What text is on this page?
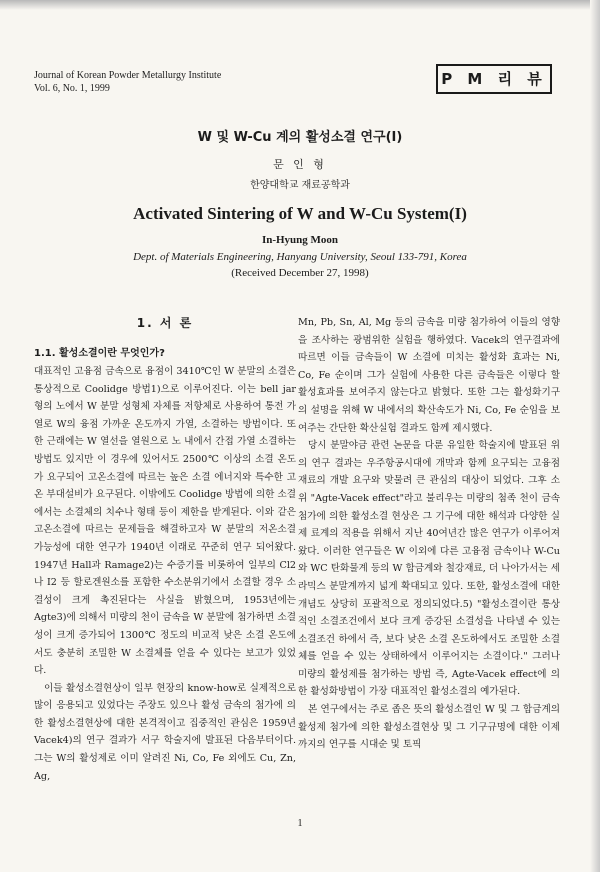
Journal of Korean Powder Metallurgy Institute
Vol. 6, No. 1, 1999
P M 리 뷰
W 및 W-Cu 계의 활성소결 연구(I)
문 인 형
한양대학교 재료공학과
Activated Sintering of W and W-Cu System(I)
In-Hyung Moon
Dept. of Materials Engineering, Hanyang University, Seoul 133-791, Korea
(Received December 27, 1998)
1. 서 론
1.1. 활성소결이란 무엇인가?

대표적인 고융점 금속으로 융점이 3410℃인 W 분말의 소결은 통상적으로 Coolidge 방법1)으로 이루어진다. 이는 bell jar 형의 노에서 W 분말 성형체 자체를 저항체로 사용하여 통전 가열로 W의 융점 가까운 온도까지 가열, 소결하는 방법이다. 또한 근래에는 W 열선을 열원으로 노 내에서 간접 가열 소결하는 방법도 있지만 이 경우에 있어서도 2500℃ 이상의 소결 온도가 요구되어 고온소결에 따르는 높은 소결 에너지와 특수한 고온 부대설비가 요구된다. 이밖에도 Coolidge 방법에 의한 소결에서는 소결체의 치수나 형태 등이 제한을 받게된다. 이와 같은 고온소결에 따르는 문제들을 해결하고자 W 분말의 저온소결 가능성에 대한 연구가 1940년 이래로 꾸준히 연구 되어왔다. 1947년 Hall과 Ramage2)는 수증기를 비롯하여 일부의 Cl2나 I2 등 할로겐원소를 포함한 수소분위기에서 소결할 경우 소결성이 크게 촉진된다는 사실을 밝혔으며, 1953년에는 Agte3)에 의해서 미량의 천이 금속을 W 분말에 첨가하면 소결성이 크게 증가되어 1300℃ 정도의 비교적 낮은 소결 온도에서도 충분히 조밀한 W 소결체를 얻을 수 있다는 보고가 있었다.

이들 활성소결현상이 일부 현장의 know-how로 실제적으로 많이 응용되고 있었다는 주장도 있으나 활성 금속의 첨가에 의한 활성소결현상에 대한 본격적이고 집중적인 관심은 1959년 Vacek4)의 연구 결과가 서구 학술지에 발표된 다음부터이다. 그는 W의 활성제로 이미 알려진 Ni, Co, Fe 외에도 Cu, Zn, Ag,

Mn, Pb, Sn, Al, Mg 등의 금속을 미량 첨가하여 이들의 영향을 조사하는 광범위한 실험을 행하였다. Vacek의 연구결과에 따르면 이들 금속들이 W 소결에 미치는 활성화 효과는 Ni, Co, Fe 순이며 그가 실험에 사용한 다른 금속들은 이렇다 할 활성효과를 보여주지 않는다고 밝혔다. 또한 그는 활성화기구의 설명을 위해 W 내에서의 확산속도가 Ni, Co, Fe 순임을 보여주는 간단한 확산실험 결과도 함께 제시했다.

당시 분말야금 관련 논문을 다룬 유일한 학술지에 발표된 위의 연구 결과는 우주항공시대에 개막과 함께 요구되는 고융점 재료의 개발 요구와 맞물려 큰 관심의 대상이 되었다. 그후 소위 "Agte-Vacek effect"라고 불리우는 미량의 첨족 천이 금속 첨가에 의한 활성소결 현상은 그 기구에 대한 해석과 다양한 실제 료계의 적용을 위해서 지난 40여년간 많은 연구가 이루어져 왔다. 이러한 연구들은 W 이외에 다른 고융점 금속이나 W-Cu와 WC 탄화물계 등의 W 합금계와 철강재료, 더 나아가서는 세라믹스 분말계까지 넓게 확대되고 있다. 또한, 활성소결에 대한 개념도 상당히 포괄적으로 정의되었다.5) "활성소결이란 통상적인 소결조건에서 보다 크게 증강된 소결성을 나타낼 수 있는 소결조건 하에서 즉, 보다 낮은 소결 온도하에서도 조밀한 소결체를 얻을 수 있는 상태하에서 이루어지는 소결이다." 그러나 미량의 활성제를 첨가하는 방법 즉, Agte-Vacek effect에 의한 활성화방법이 가장 대표적인 활성소결의 예가된다.

본 연구에서는 주로 좁은 뜻의 활성소결인 W 및 그 합금계의 활성제 첨가에 의한 활성소결현상 및 그 기구규명에 대한 이제까지의 연구를 시대순 및 토픽

1
